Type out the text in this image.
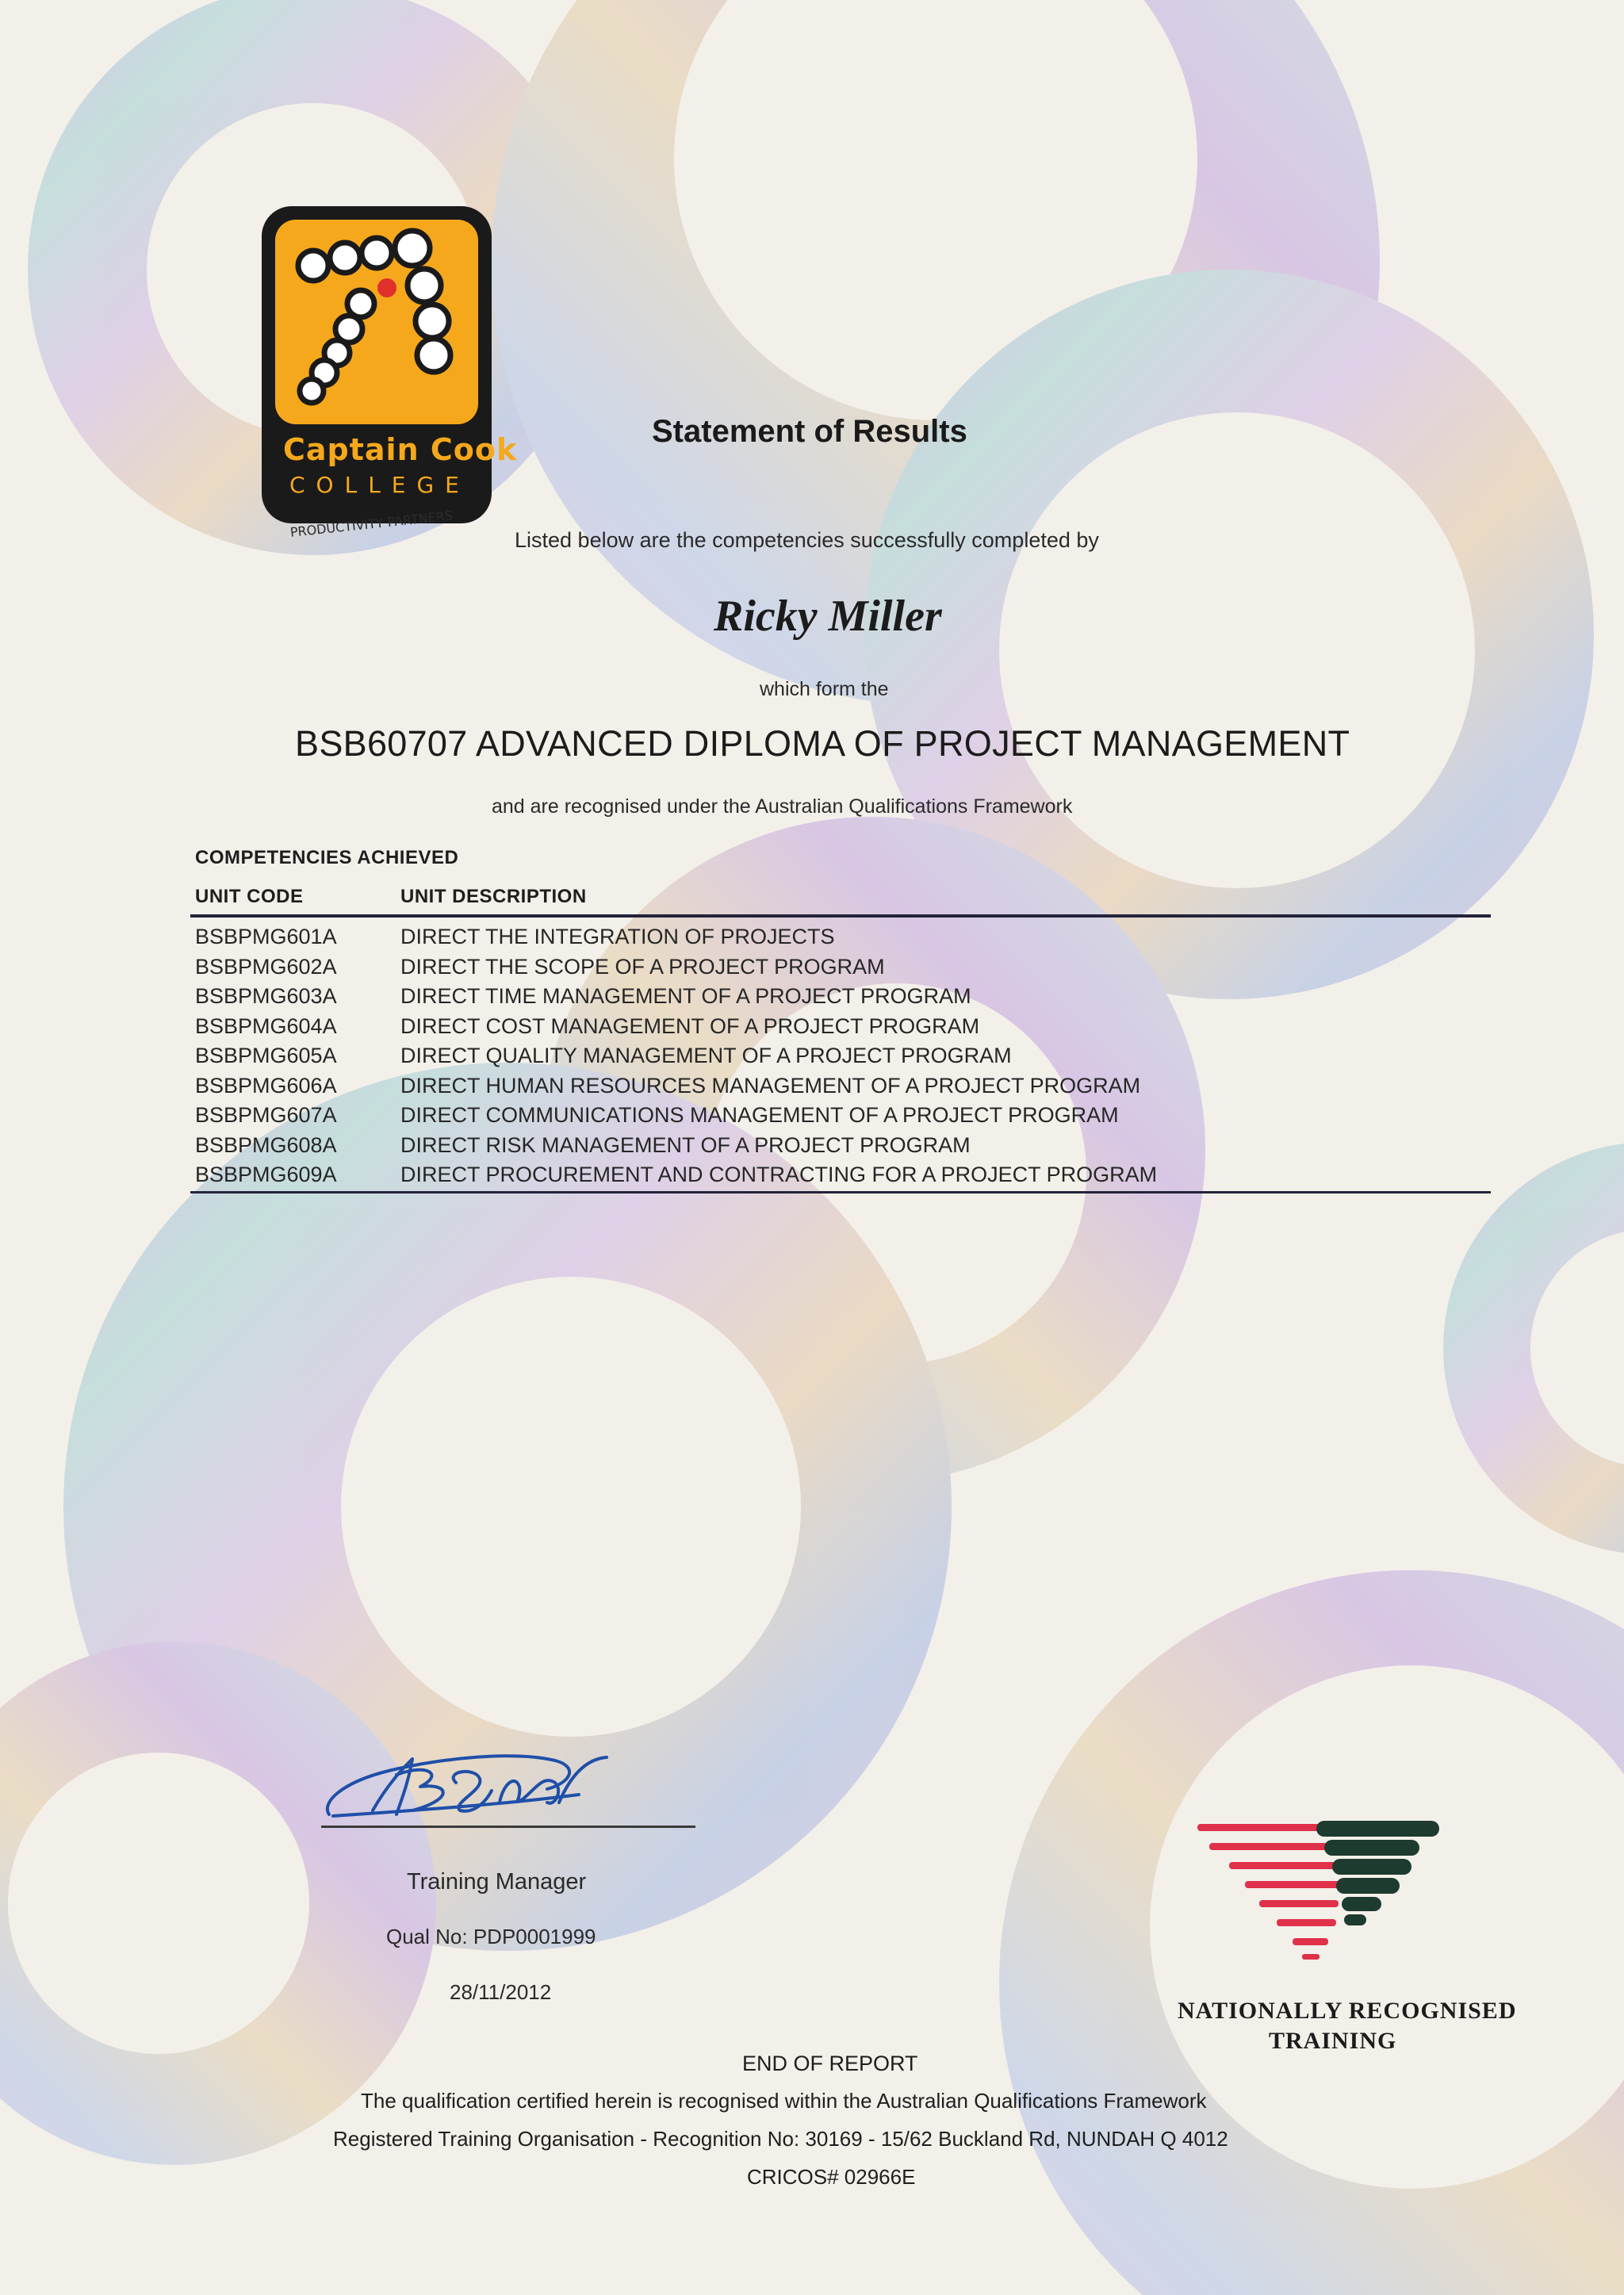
Captain Cook
COLLEGE
PRODUCTIVITY PARTNERS
Statement of Results
Listed below are the competencies successfully completed by
Ricky Miller
which form the
BSB60707 ADVANCED DIPLOMA OF PROJECT MANAGEMENT
and are recognised under the Australian Qualifications Framework
COMPETENCIES ACHIEVED
UNIT CODE	UNIT DESCRIPTION
BSBPMG601A	DIRECT THE INTEGRATION OF PROJECTS
BSBPMG602A	DIRECT THE SCOPE OF A PROJECT PROGRAM
BSBPMG603A	DIRECT TIME MANAGEMENT OF A PROJECT PROGRAM
BSBPMG604A	DIRECT COST MANAGEMENT OF A PROJECT PROGRAM
BSBPMG605A	DIRECT QUALITY MANAGEMENT OF A PROJECT PROGRAM
BSBPMG606A	DIRECT HUMAN RESOURCES MANAGEMENT OF A PROJECT PROGRAM
BSBPMG607A	DIRECT COMMUNICATIONS MANAGEMENT OF A PROJECT PROGRAM
BSBPMG608A	DIRECT RISK MANAGEMENT OF A PROJECT PROGRAM
BSBPMG609A	DIRECT PROCUREMENT AND CONTRACTING FOR A PROJECT PROGRAM
Training Manager
Qual No: PDP0001999
28/11/2012
NATIONALLY RECOGNISED
TRAINING
END OF REPORT
The qualification certified herein is recognised within the Australian Qualifications Framework
Registered Training Organisation - Recognition No: 30169 - 15/62 Buckland Rd, NUNDAH Q 4012
CRICOS# 02966E
